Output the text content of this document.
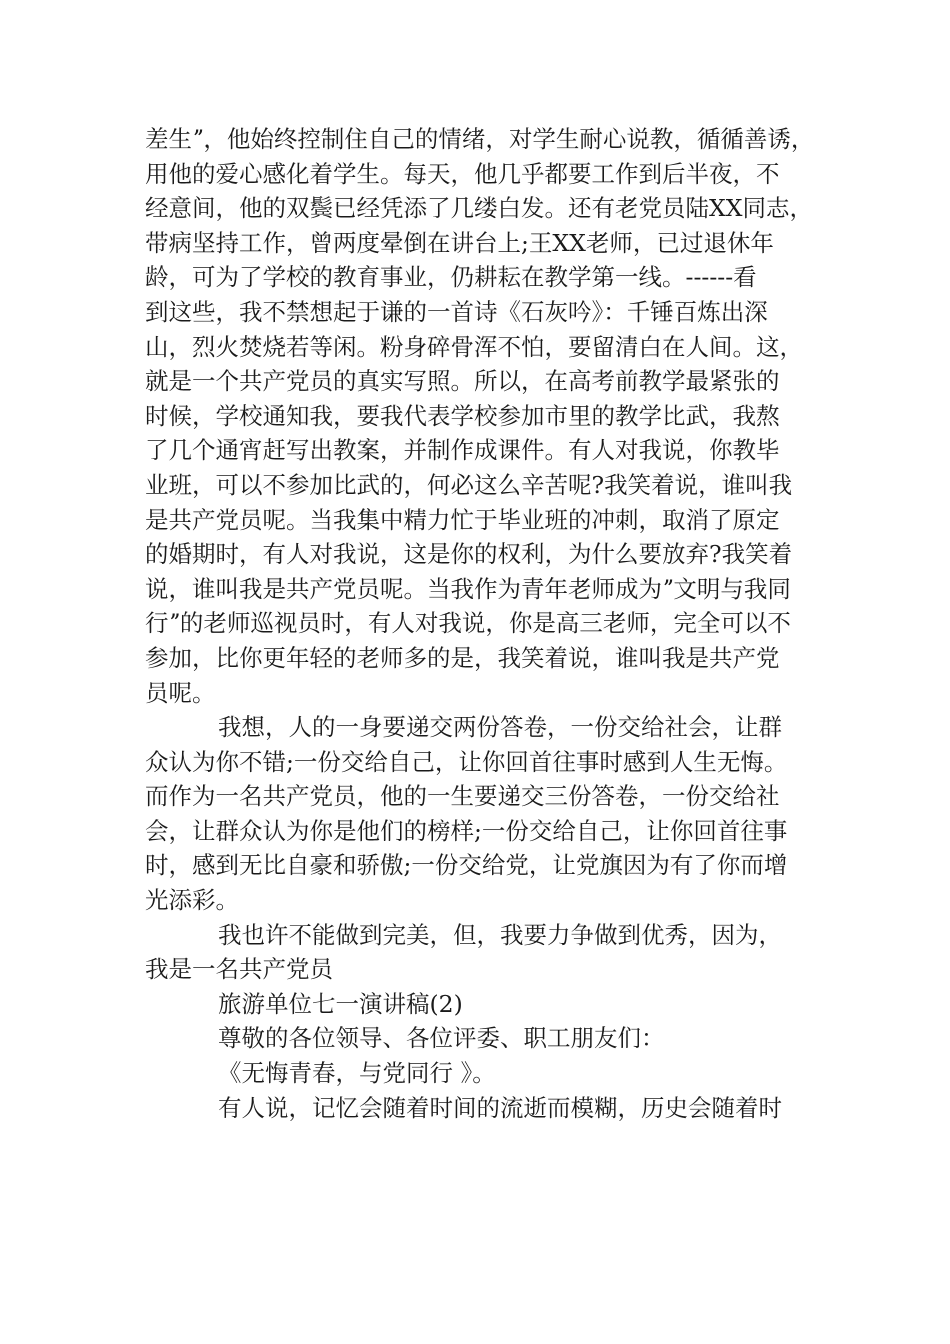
差生ˮ，他始终控制住自己的情绪，对学生耐心说教，循循善诱，
用他的爱心感化着学生。每天，他几乎都要工作到后半夜，不
经意间，他的双鬓已经凭添了几缕白发。还有老党员陆XX同志，
带病坚持工作，曾两度晕倒在讲台上;王XX老师，已过退休年
龄，可为了学校的教育事业，仍耕耘在教学第一线。------看
到这些，我不禁想起于谦的一首诗《石灰吟》：千锤百炼出深
山，烈火焚烧若等闲。粉身碎骨浑不怕，要留清白在人间。这，
就是一个共产党员的真实写照。所以，在高考前教学最紧张的
时候，学校通知我，要我代表学校参加市里的教学比武，我熬
了几个通宵赶写出教案，并制作成课件。有人对我说，你教毕
业班，可以不参加比武的，何必这么辛苦呢?我笑着说，谁叫我
是共产党员呢。当我集中精力忙于毕业班的冲刺，取消了原定
的婚期时，有人对我说，这是你的权利，为什么要放弃?我笑着
说，谁叫我是共产党员呢。当我作为青年老师成为ˮ文明与我同
行ˮ的老师巡视员时，有人对我说，你是高三老师，完全可以不
参加，比你更年轻的老师多的是，我笑着说，谁叫我是共产党
员呢。
我想，人的一身要递交两份答卷，一份交给社会，让群
众认为你不错;一份交给自己，让你回首往事时感到人生无悔。
而作为一名共产党员，他的一生要递交三份答卷，一份交给社
会，让群众认为你是他们的榜样;一份交给自己，让你回首往事
时，感到无比自豪和骄傲;一份交给党，让党旗因为有了你而增
光添彩。
我也许不能做到完美，但，我要力争做到优秀，因为，
我是一名共产党员
旅游单位七一演讲稿(2)
尊敬的各位领导、各位评委、职工朋友们：
《无悔青春，与党同行 》。
有人说，记忆会随着时间的流逝而模糊，历史会随着时
